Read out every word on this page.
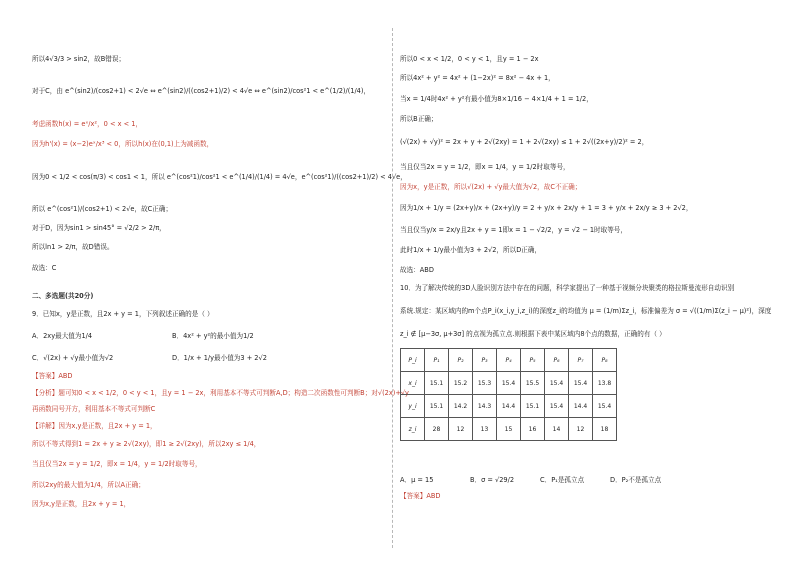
所以4√3/3 > sin2，故B错误；
对于C，由 e^(sin2)/(cos2+1) < 2√e ⇔ e^(sin2)/((cos2+1)/2) < 4√e ⇔ e^(sin2)/cos²1 < e^(1/2)/(1/4)，
考虑函数h(x) = eˣ/x²，0 < x < 1，
因为h'(x) = (x−2)eˣ/x³ < 0，所以h(x)在(0,1)上为减函数，
因为0 < 1/2 < cos(π/3) < cos1 < 1，所以 e^(cos²1)/cos²1 < e^(1/4)/(1/4) = 4√e，e^(cos²1)/((cos2+1)/2) < 4√e，
所以 e^(cos²1)/(cos2+1) < 2√e，故C正确；
对于D，因为sin1 > sin45° = √2/2 > 2/π，
所以ln1 > 2/π，故D错误。
故选：C
二、多选题(共20分)
9．已知x，y是正数，且2x + y = 1，下列叙述正确的是（ ）
A．2xy最大值为1/4	B．4x² + y²的最小值为1/2
C．√(2x) + √y最小值为√2	D．1/x + 1/y最小值为3 + 2√2
【答案】ABD
【分析】题可知0 < x < 1/2，0 < y < 1，且y = 1 − 2x，利用基本不等式可判断A,D；构造二次函数性可判断B；对√(2x)+√y
再函数同号开方，利用基本不等式可判断C
【详解】因为x,y是正数，且2x + y = 1，
所以不等式得到1 = 2x + y ≥ 2√(2xy)，即1 ≥ 2√(2xy)，所以2xy ≤ 1/4，
当且仅当2x = y = 1/2，即x = 1/4，y = 1/2时取等号，
所以2xy的最大值为1/4，所以A正确；
因为x,y是正数，且2x + y = 1，
所以0 < x < 1/2，0 < y < 1，且y = 1 − 2x
所以4x² + y² = 4x² + (1−2x)² = 8x² − 4x + 1，
当x = 1/4时4x² + y²有最小值为8×1/16 − 4×1/4 + 1 = 1/2，
所以B正确；
(√(2x) + √y)² = 2x + y + 2√(2xy) = 1 + 2√(2xy) ≤ 1 + 2√((2x+y)/2)² = 2，
当且仅当2x = y = 1/2，即x = 1/4，y = 1/2时取等号，
因为x，y是正数，所以√(2x) + √y最大值为√2，故C不正确；
因为1/x + 1/y = (2x+y)/x + (2x+y)/y = 2 + y/x + 2x/y + 1 = 3 + y/x + 2x/y ≥ 3 + 2√2，
当且仅当y/x = 2x/y且2x + y = 1即x = 1 − √2/2，y = √2 − 1时取等号，
此时1/x + 1/y最小值为3 + 2√2，所以D正确，
故选：ABD
10．为了解决传统的3D人脸识别方法中存在的问题，科学家提出了一种基于视频分块聚类的格拉斯曼流形自动识别
系统.规定：某区域内的m个点P_i(x_i,y_i,z_i)的深度z_i的均值为 μ = (1/m)Σz_i，标准偏差为 σ = √((1/m)Σ(z_i − μ)²)，深度
z_i ∉ [μ−3σ, μ+3σ] 的点视为孤立点.则根据下表中某区域内8个点的数据，正确的有（ ）
P_i	P₁	P₂	P₃	P₄	P₅	P₆	P₇	P₈
x_i	15.1	15.2	15.3	15.4	15.5	15.4	15.4	13.8
y_i	15.1	14.2	14.3	14.4	15.1	15.4	14.4	15.4
z_i	28	12	13	15	16	14	12	18
A．μ = 15	B．σ = √29/2	C．P₁是孤立点	D．P₂不是孤立点
【答案】ABD
